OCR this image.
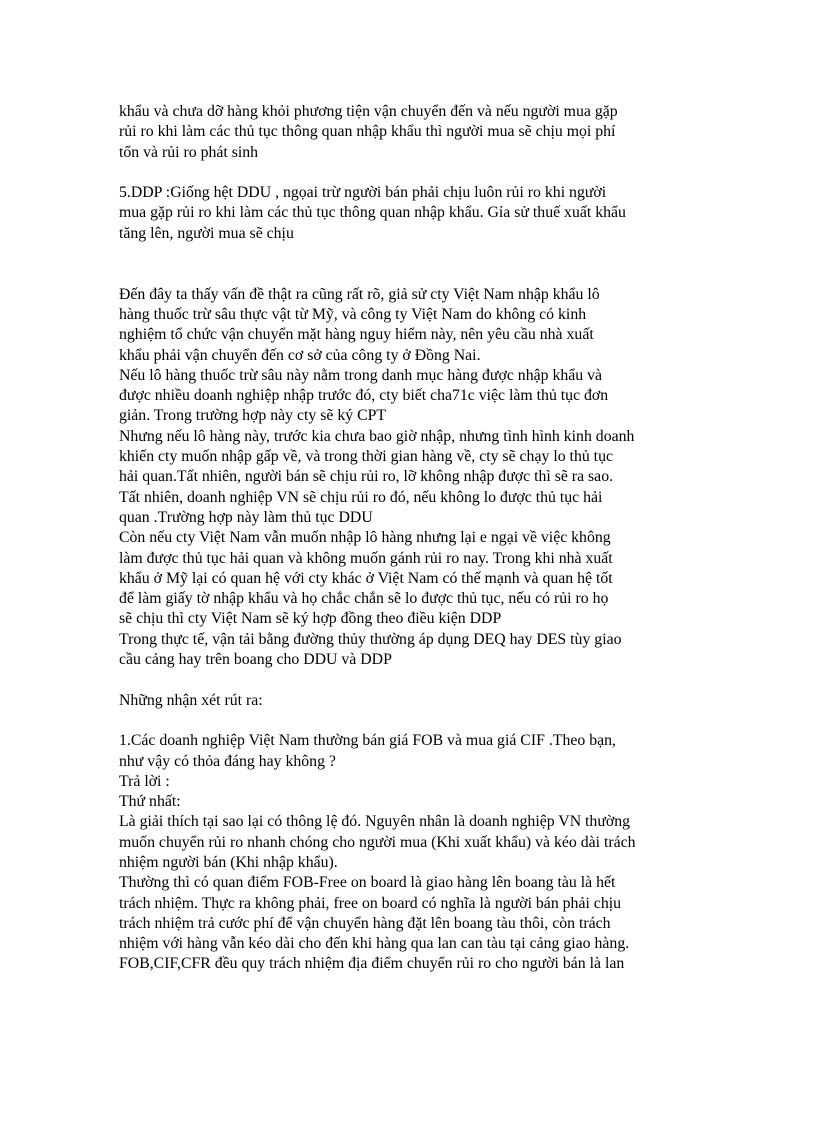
khẩu và chưa dỡ hàng khỏi phương tiện vận chuyển đến và nếu người mua gặp
rủi ro khi làm các thủ tục thông quan nhập khẩu thì người mua sẽ chịu mọi phí
tổn và rủi ro phát sinh
5.DDP :Giống hệt DDU , ngọai trừ người bán phải chịu luôn rủi ro khi người
mua gặp rủi ro khi làm các thủ tục thông quan nhập khẩu. Gỉa sử thuế xuất khẩu
tăng lên, người mua sẽ chịu
Đến đây ta thấy vấn đề thật ra cũng rất rõ, giả sử cty Việt Nam nhập khẩu lô
hàng thuốc trừ sâu thực vật từ Mỹ, và công ty Việt Nam do không có kinh
nghiệm tổ chức vận chuyển mặt hàng nguy hiểm này, nên yêu cầu nhà xuất
khẩu phải vận chuyển đến cơ sở của công ty ở Đồng Nai.
Nếu lô hàng thuốc trừ sâu này nằm trong danh mục hàng được nhập khẩu và
được nhiều doanh nghiệp nhập trước đó, cty biết cha71c việc làm thủ tục đơn
giản. Trong trường hợp này cty sẽ ký CPT
Nhưng nếu lô hàng này, trước kia chưa bao giờ nhập, nhưng tình hình kinh doanh
khiến cty muốn nhập gấp về, và trong thời gian hàng về, cty sẽ chạy lo thủ tục
hải quan.Tất nhiên, người bán sẽ chịu rủi ro, lỡ không nhập được thì sẽ ra sao.
Tất nhiên, doanh nghiệp VN sẽ chịu rủi ro đó, nếu không lo được thủ tục hải
quan .Trường hợp này làm thủ tục DDU
Còn nếu cty Việt Nam vẫn muốn nhập lô hàng nhưng lại e ngại về việc không
làm được thủ tục hải quan và không muốn gánh rủi ro nay. Trong khi nhà xuất
khẩu ở Mỹ lại có quan hệ với cty khác ở Việt Nam có thế mạnh và quan hệ tốt
để làm giấy tờ nhập khẩu và họ chắc chắn sẽ lo được thủ tục, nếu có rủi ro họ
sẽ chịu thì cty Việt Nam sẽ ký hợp đồng theo điều kiện DDP
Trong thực tế, vận tải bằng đường thủy thường áp dụng DEQ hay DES tùy giao
cầu cảng hay trên boang cho DDU và DDP
Những nhận xét rút ra:
1.Các doanh nghiệp Việt Nam thường bán giá FOB và mua giá CIF .Theo bạn,
như vậy có thỏa đáng hay không ?
Trả lời :
Thứ nhất:
Là giải thích tại sao lại có thông lệ đó. Nguyên nhân là doanh nghiệp VN thường
muốn chuyển rủi ro nhanh chóng cho người mua (Khi xuất khẩu) và kéo dài trách
nhiệm người bán (Khi nhập khẩu).
Thường thì có quan điểm FOB-Free on board là giao hàng lên boang tàu là hết
trách nhiệm. Thực ra không phải, free on board có nghĩa là người bán phải chịu
trách nhiệm trả cước phí để vận chuyển hàng đặt lên boang tàu thôi, còn trách
nhiệm với hàng vẫn kéo dài cho đến khi hàng qua lan can tàu tại cảng giao hàng.
FOB,CIF,CFR đều quy trách nhiệm địa điểm chuyển rủi ro cho người bán là lan
